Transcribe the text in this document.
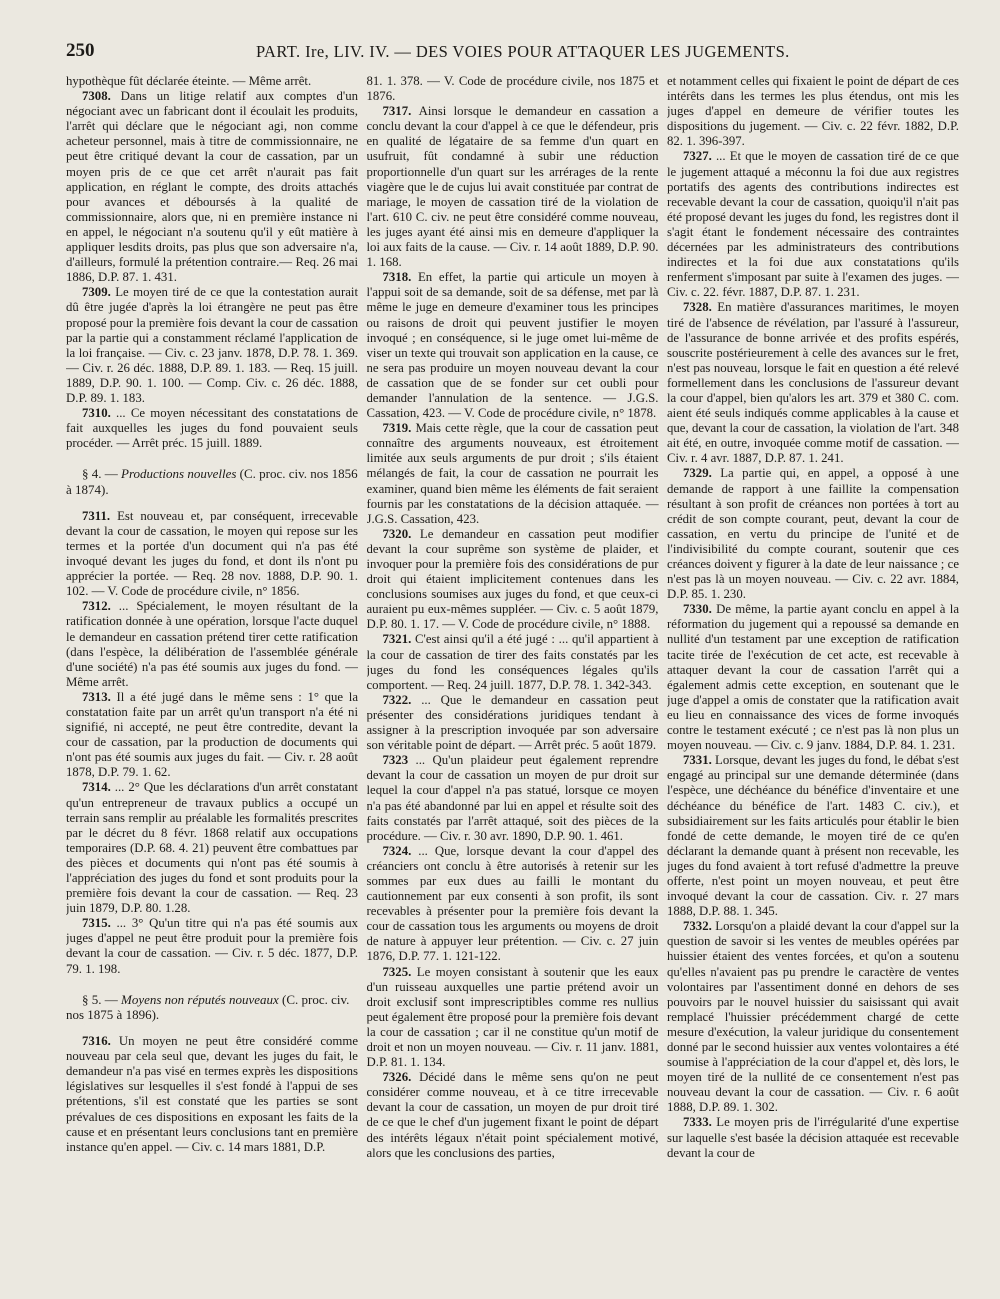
250	PART. Ire, LIV. IV. — DES VOIES POUR ATTAQUER LES JUGEMENTS.

hypothèque fût déclarée éteinte. — Même arrêt.

7308. Dans un litige relatif aux comptes d'un négociant avec un fabricant dont il écoulait les produits, l'arrêt qui déclare que le négociant agi, non comme acheteur personnel, mais à titre de commissionnaire, ne peut être critiqué devant la cour de cassation, par un moyen pris de ce que cet arrêt n'aurait pas fait application, en réglant le compte, des droits attachés pour avances et déboursés à la qualité de commissionnaire, alors que, ni en première instance ni en appel, le négociant n'a soutenu qu'il y eût matière à appliquer lesdits droits, pas plus que son adversaire n'a, d'ailleurs, formulé la prétention contraire.— Req. 26 mai 1886, D.P. 87. 1. 431.

7309. Le moyen tiré de ce que la contestation aurait dû être jugée d'après la loi étrangère ne peut pas être proposé pour la première fois devant la cour de cassation par la partie qui a constamment réclamé l'application de la loi française. — Civ. c. 23 janv. 1878, D.P. 78. 1. 369. — Civ. r. 26 déc. 1888, D.P. 89. 1. 183. — Req. 15 juill. 1889, D.P. 90. 1. 100. — Comp. Civ. c. 26 déc. 1888, D.P. 89. 1. 183.

7310. ... Ce moyen nécessitant des constatations de fait auxquelles les juges du fond pouvaient seuls procéder. — Arrêt préc. 15 juill. 1889.

§ 4. — Productions nouvelles (C. proc. civ. nos 1856 à 1874).

7311. Est nouveau et, par conséquent, irrecevable devant la cour de cassation, le moyen qui repose sur les termes et la portée d'un document qui n'a pas été invoqué devant les juges du fond, et dont ils n'ont pu apprécier la portée. — Req. 28 nov. 1888, D.P. 90. 1. 102. — V. Code de procédure civile, n° 1856.

7312. ... Spécialement, le moyen résultant de la ratification donnée à une opération, lorsque l'acte duquel le demandeur en cassation prétend tirer cette ratification (dans l'espèce, la délibération de l'assemblée générale d'une société) n'a pas été soumis aux juges du fond. — Même arrêt.

7313. Il a été jugé dans le même sens : 1° que la constatation faite par un arrêt qu'un transport n'a été ni signifié, ni accepté, ne peut être contredite, devant la cour de cassation, par la production de documents qui n'ont pas été soumis aux juges du fait. — Civ. r. 28 août 1878, D.P. 79. 1. 62.

7314. ... 2° Que les déclarations d'un arrêt constatant qu'un entrepreneur de travaux publics a occupé un terrain sans remplir au préalable les formalités prescrites par le décret du 8 févr. 1868 relatif aux occupations temporaires (D.P. 68. 4. 21) peuvent être combattues par des pièces et documents qui n'ont pas été soumis à l'appréciation des juges du fond et sont produits pour la première fois devant la cour de cassation. — Req. 23 juin 1879, D.P. 80. 1.28.

7315. ... 3° Qu'un titre qui n'a pas été soumis aux juges d'appel ne peut être produit pour la première fois devant la cour de cassation. — Civ. r. 5 déc. 1877, D.P. 79. 1. 198.

§ 5. — Moyens non réputés nouveaux (C. proc. civ. nos 1875 à 1896).

7316. Un moyen ne peut être considéré comme nouveau par cela seul que, devant les juges du fait, le demandeur n'a pas visé en termes exprès les dispositions législatives sur lesquelles il s'est fondé à l'appui de ses prétentions, s'il est constaté que les parties se sont prévalues de ces dispositions en exposant les faits de la cause et en présentant leurs conclusions tant en première instance qu'en appel. — Civ. c. 14 mars 1881, D.P.

81. 1. 378. — V. Code de procédure civile, nos 1875 et 1876.

7317. Ainsi lorsque le demandeur en cassation a conclu devant la cour d'appel à ce que le défendeur, pris en qualité de légataire de sa femme d'un quart en usufruit, fût condamné à subir une réduction proportionnelle d'un quart sur les arrérages de la rente viagère que le de cujus lui avait constituée par contrat de mariage, le moyen de cassation tiré de la violation de l'art. 610 C. civ. ne peut être considéré comme nouveau, les juges ayant été ainsi mis en demeure d'appliquer la loi aux faits de la cause. — Civ. r. 14 août 1889, D.P. 90. 1. 168.

7318. En effet, la partie qui articule un moyen à l'appui soit de sa demande, soit de sa défense, met par là même le juge en demeure d'examiner tous les principes ou raisons de droit qui peuvent justifier le moyen invoqué ; en conséquence, si le juge omet lui-même de viser un texte qui trouvait son application en la cause, ce ne sera pas produire un moyen nouveau devant la cour de cassation que de se fonder sur cet oubli pour demander l'annulation de la sentence. — J.G.S. Cassation, 423. — V. Code de procédure civile, n° 1878.

7319. Mais cette règle, que la cour de cassation peut connaître des arguments nouveaux, est étroitement limitée aux seuls arguments de pur droit ; s'ils étaient mélangés de fait, la cour de cassation ne pourrait les examiner, quand bien même les éléments de fait seraient fournis par les constatations de la décision attaquée. — J.G.S. Cassation, 423.

7320. Le demandeur en cassation peut modifier devant la cour suprême son système de plaider, et invoquer pour la première fois des considérations de pur droit qui étaient implicitement contenues dans les conclusions soumises aux juges du fond, et que ceux-ci auraient pu eux-mêmes suppléer. — Civ. c. 5 août 1879, D.P. 80. 1. 17. — V. Code de procédure civile, n° 1888.

7321. C'est ainsi qu'il a été jugé : ... qu'il appartient à la cour de cassation de tirer des faits constatés par les juges du fond les conséquences légales qu'ils comportent. — Req. 24 juill. 1877, D.P. 78. 1. 342-343.

7322. ... Que le demandeur en cassation peut présenter des considérations juridiques tendant à assigner à la prescription invoquée par son adversaire son véritable point de départ. — Arrêt préc. 5 août 1879.

7323 ... Qu'un plaideur peut également reprendre devant la cour de cassation un moyen de pur droit sur lequel la cour d'appel n'a pas statué, lorsque ce moyen n'a pas été abandonné par lui en appel et résulte soit des faits constatés par l'arrêt attaqué, soit des pièces de la procédure. — Civ. r. 30 avr. 1890, D.P. 90. 1. 461.

7324. ... Que, lorsque devant la cour d'appel des créanciers ont conclu à être autorisés à retenir sur les sommes par eux dues au failli le montant du cautionnement par eux consenti à son profit, ils sont recevables à présenter pour la première fois devant la cour de cassation tous les arguments ou moyens de droit de nature à appuyer leur prétention. — Civ. c. 27 juin 1876, D.P. 77. 1. 121-122.

7325. Le moyen consistant à soutenir que les eaux d'un ruisseau auxquelles une partie prétend avoir un droit exclusif sont imprescriptibles comme res nullius peut également être proposé pour la première fois devant la cour de cassation ; car il ne constitue qu'un motif de droit et non un moyen nouveau. — Civ. r. 11 janv. 1881, D.P. 81. 1. 134.

7326. Décidé dans le même sens qu'on ne peut considérer comme nouveau, et à ce titre irrecevable devant la cour de cassation, un moyen de pur droit tiré de ce que le chef d'un jugement fixant le point de départ des intérêts légaux n'était point spécialement motivé, alors que les conclusions des parties,

et notamment celles qui fixaient le point de départ de ces intérêts dans les termes les plus étendus, ont mis les juges d'appel en demeure de vérifier toutes les dispositions du jugement. — Civ. c. 22 févr. 1882, D.P. 82. 1. 396-397.

7327. ... Et que le moyen de cassation tiré de ce que le jugement attaqué a méconnu la foi due aux registres portatifs des agents des contributions indirectes est recevable devant la cour de cassation, quoiqu'il n'ait pas été proposé devant les juges du fond, les registres dont il s'agit étant le fondement nécessaire des contraintes décernées par les administrateurs des contributions indirectes et la foi due aux constatations qu'ils renferment s'imposant par suite à l'examen des juges. — Civ. c. 22. févr. 1887, D.P. 87. 1. 231.

7328. En matière d'assurances maritimes, le moyen tiré de l'absence de révélation, par l'assuré à l'assureur, de l'assurance de bonne arrivée et des profits espérés, souscrite postérieurement à celle des avances sur le fret, n'est pas nouveau, lorsque le fait en question a été relevé formellement dans les conclusions de l'assureur devant la cour d'appel, bien qu'alors les art. 379 et 380 C. com. aient été seuls indiqués comme applicables à la cause et que, devant la cour de cassation, la violation de l'art. 348 ait été, en outre, invoquée comme motif de cassation. — Civ. r. 4 avr. 1887, D.P. 87. 1. 241.

7329. La partie qui, en appel, a opposé à une demande de rapport à une faillite la compensation résultant à son profit de créances non portées à tort au crédit de son compte courant, peut, devant la cour de cassation, en vertu du principe de l'unité et de l'indivisibilité du compte courant, soutenir que ces créances doivent y figurer à la date de leur naissance ; ce n'est pas là un moyen nouveau. — Civ. c. 22 avr. 1884, D.P. 85. 1. 230.

7330. De même, la partie ayant conclu en appel à la réformation du jugement qui a repoussé sa demande en nullité d'un testament par une exception de ratification tacite tirée de l'exécution de cet acte, est recevable à attaquer devant la cour de cassation l'arrêt qui a également admis cette exception, en soutenant que le juge d'appel a omis de constater que la ratification avait eu lieu en connaissance des vices de forme invoqués contre le testament exécuté ; ce n'est pas là non plus un moyen nouveau. — Civ. c. 9 janv. 1884, D.P. 84. 1. 231.

7331. Lorsque, devant les juges du fond, le débat s'est engagé au principal sur une demande déterminée (dans l'espèce, une déchéance du bénéfice d'inventaire et une déchéance du bénéfice de l'art. 1483 C. civ.), et subsidiairement sur les faits articulés pour établir le bien fondé de cette demande, le moyen tiré de ce qu'en déclarant la demande quant à présent non recevable, les juges du fond avaient à tort refusé d'admettre la preuve offerte, n'est point un moyen nouveau, et peut être invoqué devant la cour de cassation. Civ. r. 27 mars 1888, D.P. 88. 1. 345.

7332. Lorsqu'on a plaidé devant la cour d'appel sur la question de savoir si les ventes de meubles opérées par huissier étaient des ventes forcées, et qu'on a soutenu qu'elles n'avaient pas pu prendre le caractère de ventes volontaires par l'assentiment donné en dehors de ses pouvoirs par le nouvel huissier du saisissant qui avait remplacé l'huissier précédemment chargé de cette mesure d'exécution, la valeur juridique du consentement donné par le second huissier aux ventes volontaires a été soumise à l'appréciation de la cour d'appel et, dès lors, le moyen tiré de la nullité de ce consentement n'est pas nouveau devant la cour de cassation. — Civ. r. 6 août 1888, D.P. 89. 1. 302.

7333. Le moyen pris de l'irrégularité d'une expertise sur laquelle s'est basée la décision attaquée est recevable devant la cour de
